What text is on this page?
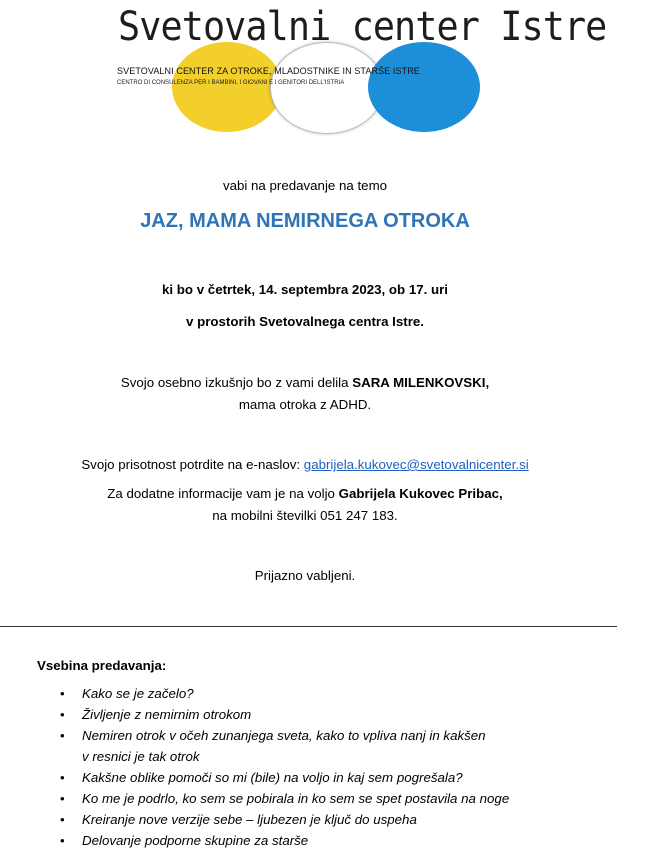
Svetovalni center Istre
SVETOVALNI CENTER ZA OTROKE, MLADOSTNIKE IN STARŠE ISTRE
CENTRO DI CONSULENZA PER I BAMBINI, I GIOVANI E I GENITORI DELL'ISTRIA
vabi na predavanje na temo
JAZ, MAMA NEMIRNEGA OTROKA
ki bo v četrtek, 14. septembra 2023, ob 17. uri
v prostorih Svetovalnega centra Istre.
Svojo osebno izkušnjo bo z vami delila SARA MILENKOVSKI,
mama otroka z ADHD.
Svojo prisotnost potrdite na e-naslov: gabrijela.kukovec@svetovalnicenter.si
Za dodatne informacije vam je na voljo Gabrijela Kukovec Pribac,
na mobilni številki 051 247 183.
Prijazno vabljeni.
Vsebina predavanja:
• Kako se je začelo?
• Življenje z nemirnim otrokom
• Nemiren otrok v očeh zunanjega sveta, kako to vpliva nanj in kakšen
v resnici je tak otrok
• Kakšne oblike pomoči so mi (bile) na voljo in kaj sem pogrešala?
• Ko me je podrlo, ko sem se pobirala in ko sem se spet postavila na noge
• Kreiranje nove verzije sebe – ljubezen je ključ do uspeha
• Delovanje podporne skupine za starše
